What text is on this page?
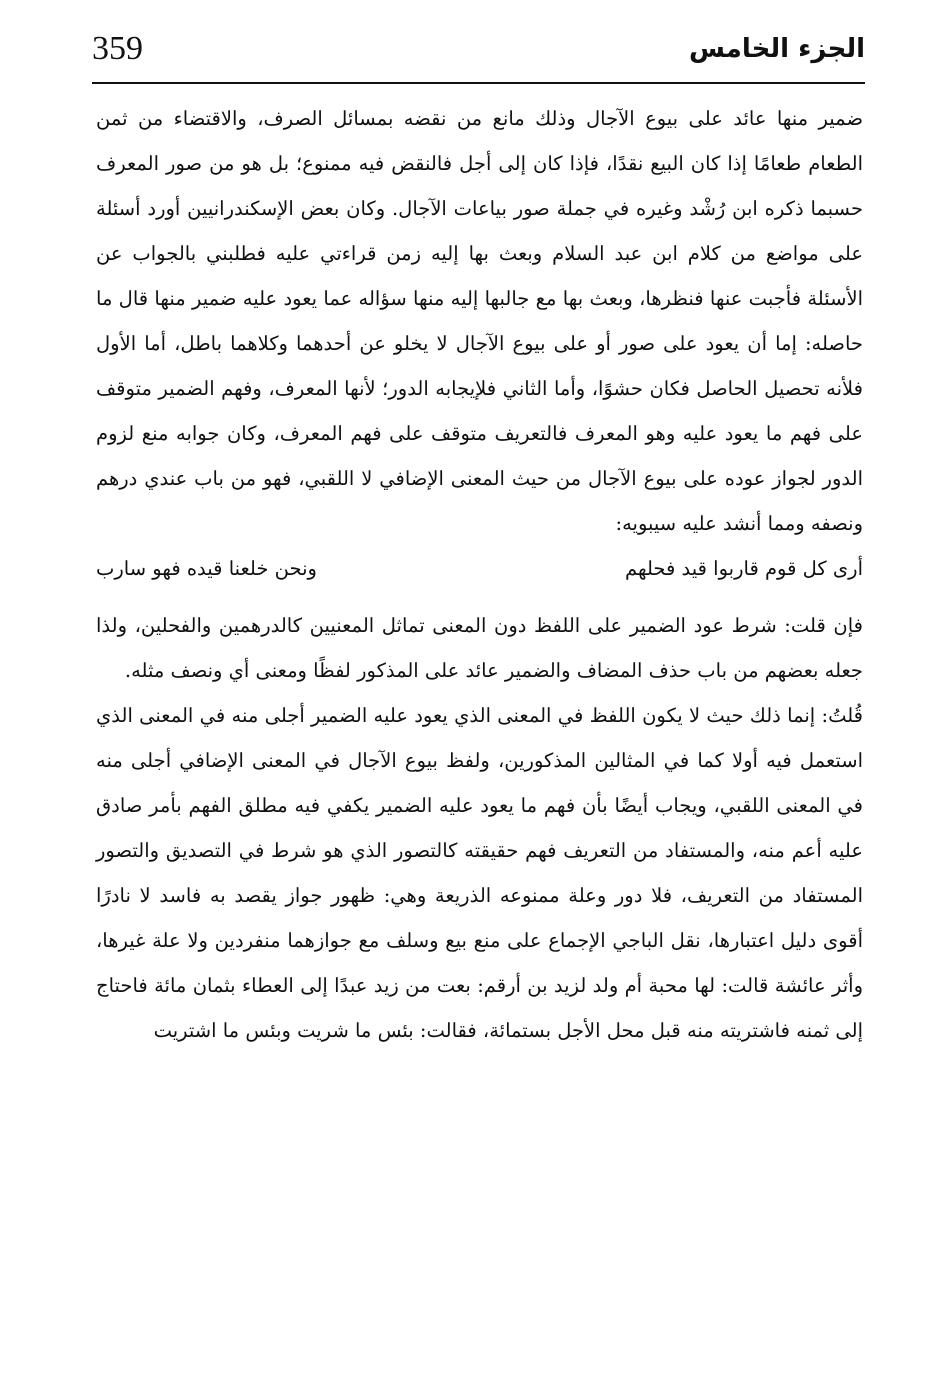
359	الجزء الخامس

ضمير منها عائد على بيوع الآجال وذلك مانع من نقضه بمسائل الصرف، والاقتضاء من ثمن الطعام طعامًا إذا كان البيع نقدًا، فإذا كان إلى أجل فالنقض فيه ممنوع؛ بل هو من صور المعرف حسبما ذكره ابن رُشْد وغيره في جملة صور بياعات الآجال. وكان بعض الإسكندرانيين أورد أسئلة على مواضع من كلام ابن عبد السلام وبعث بها إليه زمن قراءتي عليه فطلبني بالجواب عن الأسئلة فأجبت عنها فنظرها، وبعث بها مع جالبها إليه منها سؤاله عما يعود عليه ضمير منها قال ما حاصله: إما أن يعود على صور أو على بيوع الآجال لا يخلو عن أحدهما وكلاهما باطل، أما الأول فلأنه تحصيل الحاصل فكان حشوًا، وأما الثاني فلإيجابه الدور؛ لأنها المعرف، وفهم الضمير متوقف على فهم ما يعود عليه وهو المعرف فالتعريف متوقف على فهم المعرف، وكان جوابه منع لزوم الدور لجواز عوده على بيوع الآجال من حيث المعنى الإضافي لا اللقبي، فهو من باب عندي درهم ونصفه ومما أنشد عليه سيبويه:

أرى كل قوم قاربوا قيد فحلهم
ونحن خلعنا قيده فهو سارب

فإن قلت: شرط عود الضمير على اللفظ دون المعنى تماثل المعنيين كالدرهمين والفحلين، ولذا جعله بعضهم من باب حذف المضاف والضمير عائد على المذكور لفظًا ومعنى أي ونصف مثله.

قُلتُ: إنما ذلك حيث لا يكون اللفظ في المعنى الذي يعود عليه الضمير أجلى منه في المعنى الذي استعمل فيه أولا كما في المثالين المذكورين، ولفظ بيوع الآجال في المعنى الإضافي أجلى منه في المعنى اللقبي، ويجاب أيضًا بأن فهم ما يعود عليه الضمير يكفي فيه مطلق الفهم بأمر صادق عليه أعم منه، والمستفاد من التعريف فهم حقيقته كالتصور الذي هو شرط في التصديق والتصور المستفاد من التعريف، فلا دور وعلة ممنوعه الذريعة وهي: ظهور جواز يقصد به فاسد لا نادرًا أقوى دليل اعتبارها، نقل الباجي الإجماع على منع بيع وسلف مع جوازهما منفردين ولا علة غيرها، وأثر عائشة قالت: لها محبة أم ولد لزيد بن أرقم: بعت من زيد عبدًا إلى العطاء بثمان مائة فاحتاج إلى ثمنه فاشتريته منه قبل محل الأجل بستمائة، فقالت: بئس ما شريت وبئس ما اشتريت
